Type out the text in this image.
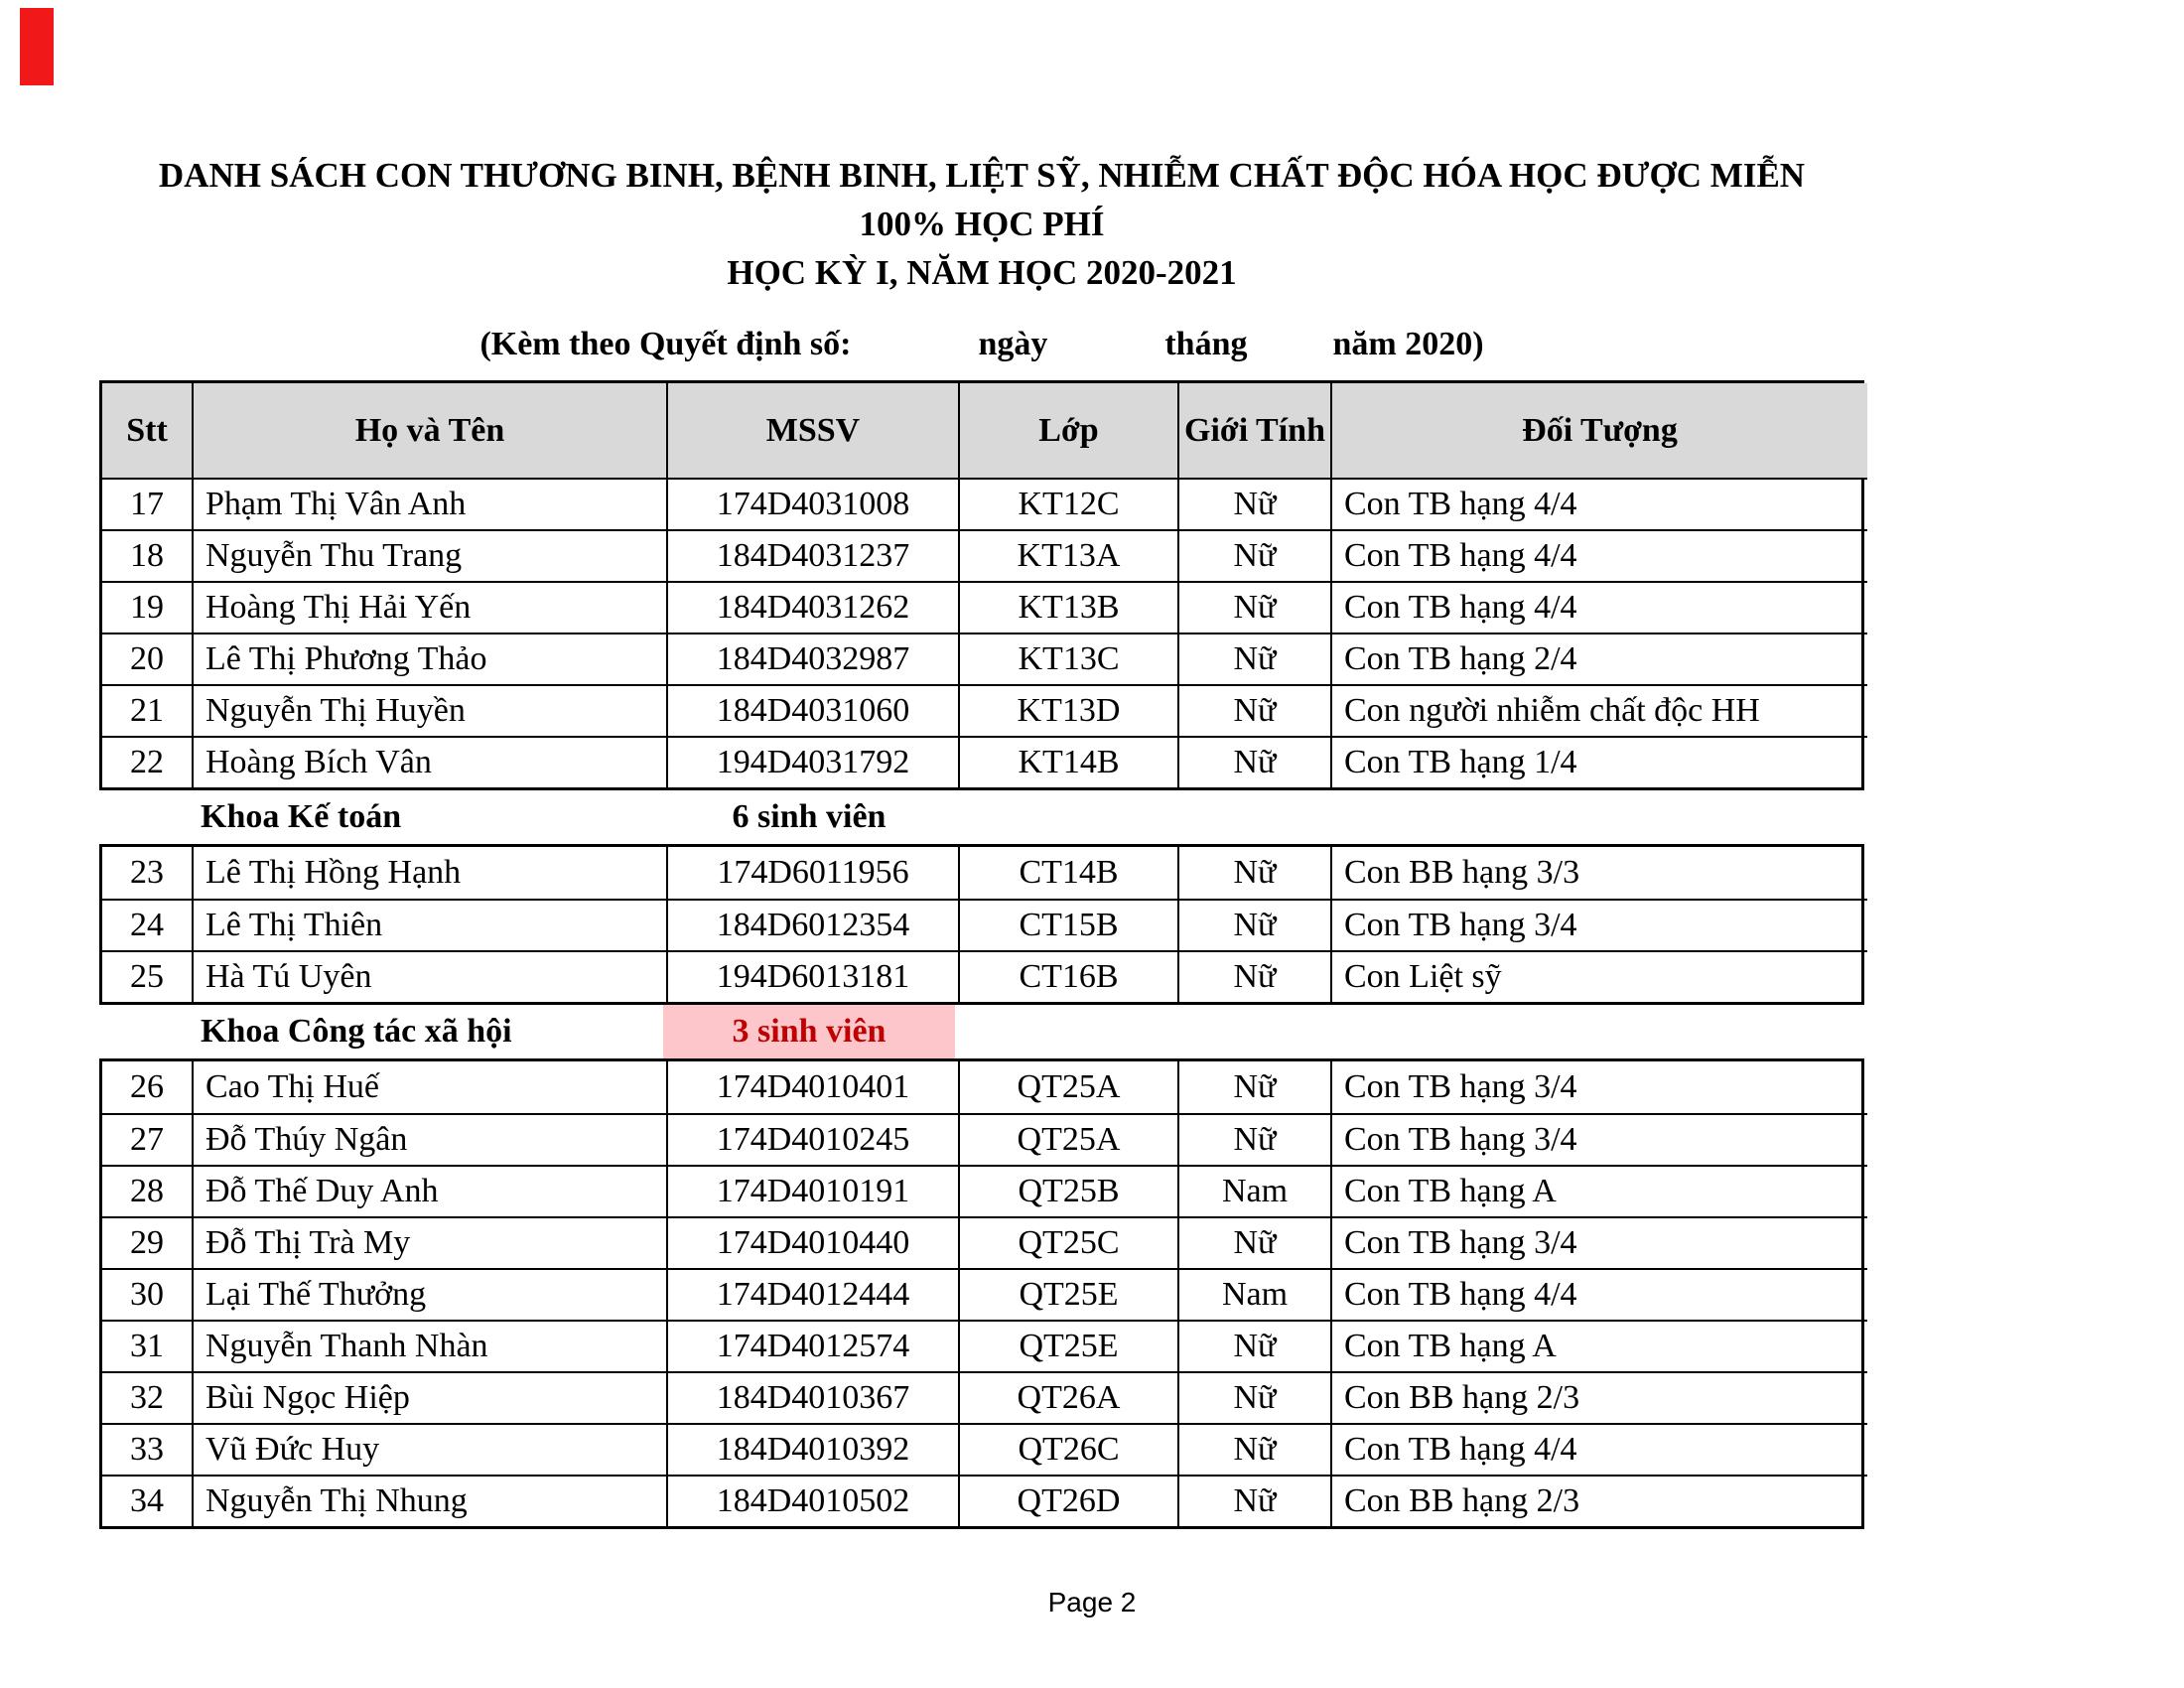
DANH SÁCH CON THƯƠNG BINH, BỆNH BINH, LIỆT SỸ, NHIỄM CHẤT ĐỘC HÓA HỌC ĐƯỢC MIỄN
100% HỌC PHÍ
HỌC KỲ I, NĂM HỌC 2020-2021
(Kèm theo Quyết định số:	ngày	tháng	năm 2020)
Stt	Họ và Tên	MSSV	Lớp	Giới Tính	Đối Tượng
17	Phạm Thị Vân Anh	174D4031008	KT12C	Nữ	Con TB hạng 4/4
18	Nguyễn Thu Trang	184D4031237	KT13A	Nữ	Con TB hạng 4/4
19	Hoàng Thị Hải Yến	184D4031262	KT13B	Nữ	Con TB hạng 4/4
20	Lê Thị Phương Thảo	184D4032987	KT13C	Nữ	Con TB hạng 2/4
21	Nguyễn Thị Huyền	184D4031060	KT13D	Nữ	Con người nhiễm chất độc HH
22	Hoàng Bích Vân	194D4031792	KT14B	Nữ	Con TB hạng 1/4
Khoa Kế toán	6 sinh viên
23	Lê Thị Hồng Hạnh	174D6011956	CT14B	Nữ	Con BB hạng 3/3
24	Lê Thị Thiên	184D6012354	CT15B	Nữ	Con TB hạng 3/4
25	Hà Tú Uyên	194D6013181	CT16B	Nữ	Con Liệt sỹ
Khoa Công tác xã hội	3 sinh viên
26	Cao Thị Huế	174D4010401	QT25A	Nữ	Con TB hạng 3/4
27	Đỗ Thúy Ngân	174D4010245	QT25A	Nữ	Con TB hạng 3/4
28	Đỗ Thế Duy Anh	174D4010191	QT25B	Nam	Con TB hạng A
29	Đỗ Thị Trà My	174D4010440	QT25C	Nữ	Con TB hạng 3/4
30	Lại Thế Thưởng	174D4012444	QT25E	Nam	Con TB hạng 4/4
31	Nguyễn Thanh Nhàn	174D4012574	QT25E	Nữ	Con TB hạng A
32	Bùi Ngọc Hiệp	184D4010367	QT26A	Nữ	Con BB hạng 2/3
33	Vũ Đức Huy	184D4010392	QT26C	Nữ	Con TB hạng 4/4
34	Nguyễn Thị Nhung	184D4010502	QT26D	Nữ	Con BB hạng 2/3
Page 2
